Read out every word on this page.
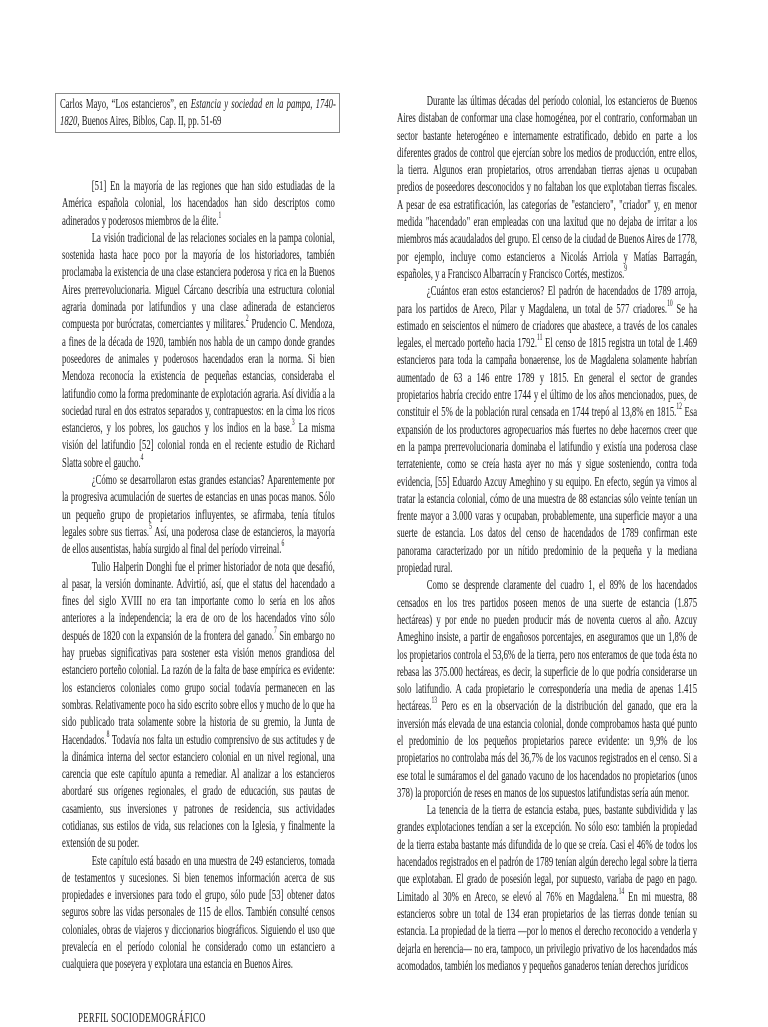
Carlos Mayo, “Los estancieros”, en Estancia y sociedad en la pampa, 1740-1820, Buenos Aires, Biblos, Cap. II, pp. 51-69

[51] En la mayoría de las regiones que han sido estudiadas de la América española colonial, los hacendados han sido descriptos como adinerados y poderosos miembros de la élite.$^1$

La visión tradicional de las relaciones sociales en la pampa colonial, sostenida hasta hace poco por la mayoría de los historiadores, también proclamaba la existencia de una clase estanciera poderosa y rica en la Buenos Aires prerrevolucionaria. Miguel Cárcano describía una estructura colonial agraria dominada por latifundios y una clase adinerada de estancieros compuesta por burócratas, comerciantes y militares.$^2$ Prudencio C. Mendoza, a fines de la década de 1920, también nos habla de un campo donde grandes poseedores de animales y poderosos hacendados eran la norma. Si bien Mendoza reconocía la existencia de pequeñas estancias, consideraba el latifundio como la forma predominante de explotación agraria. Así dividía a la sociedad rural en dos estratos separados y, contrapuestos: en la cima los ricos estancieros, y los pobres, los gauchos y los indios en la base.$^3$ La misma visión del latifundio [52] colonial ronda en el reciente estudio de Richard Slatta sobre el gaucho.$^4$

¿Cómo se desarrollaron estas grandes estancias? Aparentemente por la progresiva acumulación de suertes de estancias en unas pocas manos. Sólo un pequeño grupo de propietarios influyentes, se afirmaba, tenía títulos legales sobre sus tierras.$^5$ Así, una poderosa clase de estancieros, la mayoría de ellos ausentistas, había surgido al final del período virreinal.$^6$

Tulio Halperin Donghi fue el primer historiador de nota que desafió, al pasar, la versión dominante. Advirtió, así, que el status del hacendado a fines del siglo XVIII no era tan importante como lo sería en los años anteriores a la independencia; la era de oro de los hacendados vino sólo después de 1820 con la expansión de la frontera del ganado.$^7$ Sin embargo no hay pruebas significativas para sostener esta visión menos grandiosa del estanciero porteño colonial. La razón de la falta de base empírica es evidente: los estancieros coloniales como grupo social todavía permanecen en las sombras. Relativamente poco ha sido escrito sobre ellos y mucho de lo que ha sido publicado trata solamente sobre la historia de su gremio, la Junta de Hacendados.$^8$ Todavía nos falta un estudio comprensivo de sus actitudes y de la dinámica interna del sector estanciero colonial en un nivel regional, una carencia que este capítulo apunta a remediar. Al analizar a los estancieros abordaré sus orígenes regionales, el grado de educación, sus pautas de casamiento, sus inversiones y patrones de residencia, sus actividades cotidianas, sus estilos de vida, sus relaciones con la Iglesia, y finalmente la extensión de su poder.

Este capítulo está basado en una muestra de 249 estancieros, tomada de testamentos y sucesiones. Si bien tenemos información acerca de sus propiedades e inversiones para todo el grupo, sólo pude [53] obtener datos seguros sobre las vidas personales de 115 de ellos. También consulté censos coloniales, obras de viajeros y diccionarios biográficos. Siguiendo el uso que prevalecía en el período colonial he considerado como un estanciero a cualquiera que poseyera y explotara una estancia en Buenos Aires.

PERFIL SOCIODEMOGRÁFICO

Durante las últimas décadas del período colonial, los estancieros de Buenos Aires distaban de conformar una clase homogénea, por el contrario, conformaban un sector bastante heterogéneo e internamente estratificado, debido en parte a los diferentes grados de control que ejercían sobre los medios de producción, entre ellos, la tierra. Algunos eran propietarios, otros arrendaban tierras ajenas u ocupaban predios de poseedores desconocidos y no faltaban los que explotaban tierras fiscales. A pesar de esa estratificación, las categorías de "estanciero", "criador" y, en menor medida "hacendado" eran empleadas con una laxitud que no dejaba de irritar a los miembros más acaudalados del grupo. El censo de la ciudad de Buenos Aires de 1778, por ejemplo, incluye como estancieros a Nicolás Arriola y Matías Barragán, españoles, y a Francisco Albarracín y Francisco Cortés, mestizos.$^9$

¿Cuántos eran estos estancieros? El padrón de hacendados de 1789 arroja, para los partidos de Areco, Pilar y Magdalena, un total de 577 criadores.$^{10}$ Se ha estimado en seiscientos el número de criadores que abastece, a través de los canales legales, el mercado porteño hacia 1792.11 El censo de 1815 registra un total de 1.469 estancieros para toda la campaña bonaerense, los de Magdalena solamente habrían aumentado de 63 a 146 entre 1789 y 1815. En general el sector de grandes propietarios habría crecido entre 1744 y el último de los años mencionados, pues, de constituir el 5% de la población rural censada en 1744 trepó al 13,8% en 1815.12 Esa expansión de los productores agropecuarios más fuertes no debe hacernos creer que en la pampa prerrevolucionaria dominaba el latifundio y existía una poderosa clase terrateniente, como se creía hasta ayer no más y sigue sosteniendo, contra toda evidencia, [55] Eduardo Azcuy Ameghino y su equipo. En efecto, según ya vimos al tratar la estancia colonial, cómo de una muestra de 88 estancias sólo veinte tenían un frente mayor a 3.000 varas y ocupaban, probablemente, una superficie mayor a una suerte de estancia. Los datos del censo de hacendados de 1789 confirman este panorama caracterizado por un nítido predominio de la pequeña y la mediana propiedad rural.

Como se desprende claramente del cuadro 1, el 89% de los hacendados censados en los tres partidos poseen menos de una suerte de estancia (1.875 hectáreas) y por ende no pueden producir más de noventa cueros al año. Azcuy Ameghino insiste, a partir de engañosos porcentajes, en aseguramos que un 1,8% de los propietarios controla el 53,6% de la tierra, pero nos enteramos de que toda ésta no rebasa las 375.000 hectáreas, es decir, la superficie de lo que podría considerarse un solo latifundio. A cada propietario le correspondería una media de apenas 1.415 hectáreas.$^{13}$ Pero es en la observación de la distribución del ganado, que era la inversión más elevada de una estancia colonial, donde comprobamos hasta qué punto el predominio de los pequeños propietarios parece evidente: un 9,9% de los propietarios no controlaba más del 36,7% de los vacunos registrados en el censo. Si a ese total le sumáramos el del ganado vacuno de los hacendados no propietarios (unos 378) la proporción de reses en manos de los supuestos latifundistas sería aún menor.

La tenencia de la tierra de estancia estaba, pues, bastante subdividida y las grandes explotaciones tendían a ser la excepción. No sólo eso: también la propiedad de la tierra estaba bastante más difundida de lo que se creía. Casi el 46% de todos los hacendados registrados en el padrón de 1789 tenían algún derecho legal sobre la tierra que explotaban. El grado de posesión legal, por supuesto, variaba de pago en pago. Limitado al 30% en Areco, se elevó al 76% en Magdalena.$^{14}$ En mi muestra, 88 estancieros sobre un total de 134 eran propietarios de las tierras donde tenían su estancia. La propiedad de la tierra —por lo menos el derecho reconocido a venderla y dejarla en herencia— no era, tampoco, un privilegio privativo de los hacendados más acomodados, también los medianos y pequeños ganaderos tenían derechos jurídicos
